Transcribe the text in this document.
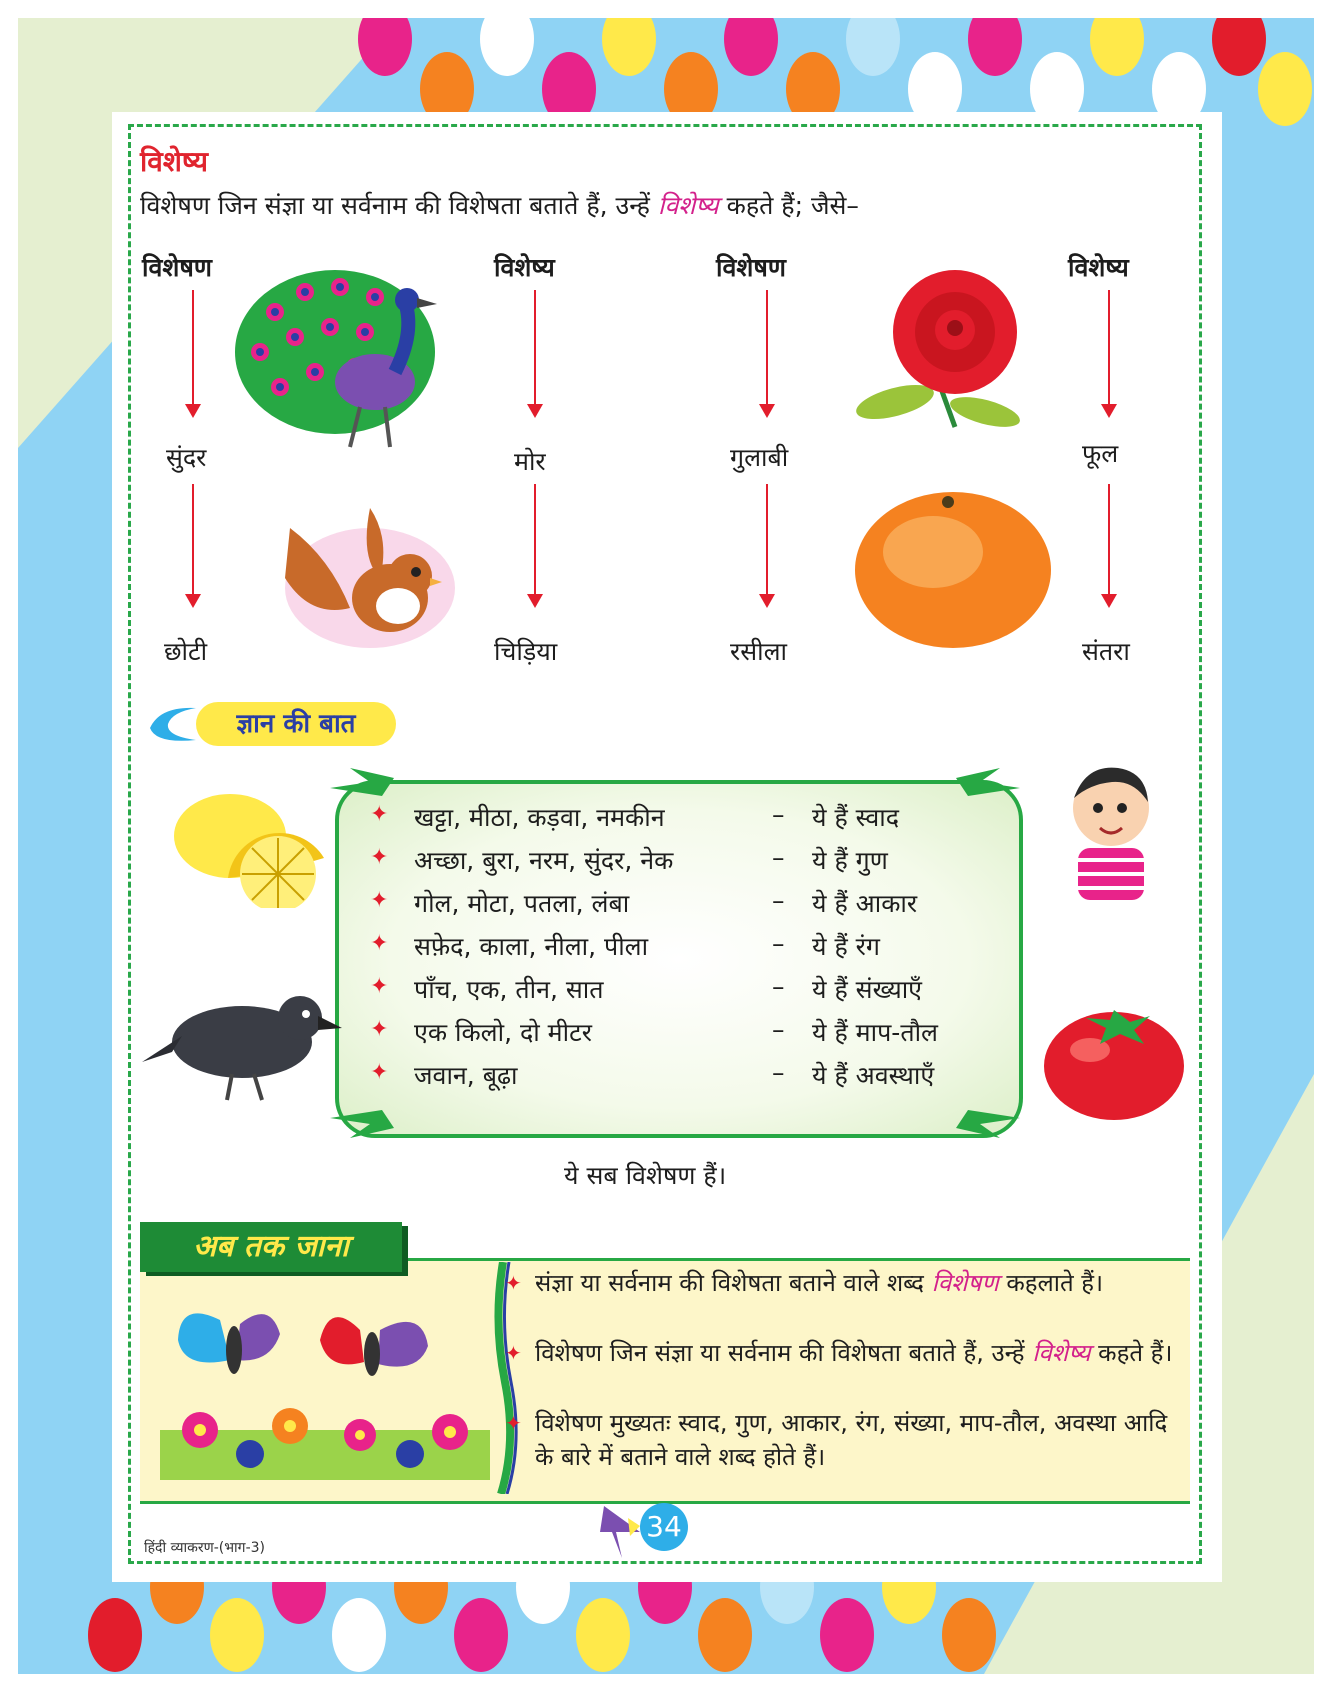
विशेष्य
विशेषण जिन संज्ञा या सर्वनाम की विशेषता बताते हैं, उन्हें विशेष्य कहते हैं; जैसे–
विशेषण	विशेष्य	विशेषण	विशेष्य
सुंदर	मोर	गुलाबी	फूल
छोटी	चिड़िया	रसीला	संतरा
ज्ञान की बात
✦ खट्टा, मीठा, कड़वा, नमकीन	– ये हैं स्वाद
✦ अच्छा, बुरा, नरम, सुंदर, नेक	– ये हैं गुण
✦ गोल, मोटा, पतला, लंबा	– ये हैं आकार
✦ सफ़ेद, काला, नीला, पीला	– ये हैं रंग
✦ पाँच, एक, तीन, सात	– ये हैं संख्याएँ
✦ एक किलो, दो मीटर	– ये हैं माप-तौल
✦ जवान, बूढ़ा	– ये हैं अवस्थाएँ
ये सब विशेषण हैं।
अब तक जाना
✦ संज्ञा या सर्वनाम की विशेषता बताने वाले शब्द विशेषण कहलाते हैं।
✦ विशेषण जिन संज्ञा या सर्वनाम की विशेषता बताते हैं, उन्हें विशेष्य कहते हैं।
✦ विशेषण मुख्यतः स्वाद, गुण, आकार, रंग, संख्या, माप-तौल, अवस्था आदि के बारे में बताने वाले शब्द होते हैं।
34
हिंदी व्याकरण-(भाग-3)
